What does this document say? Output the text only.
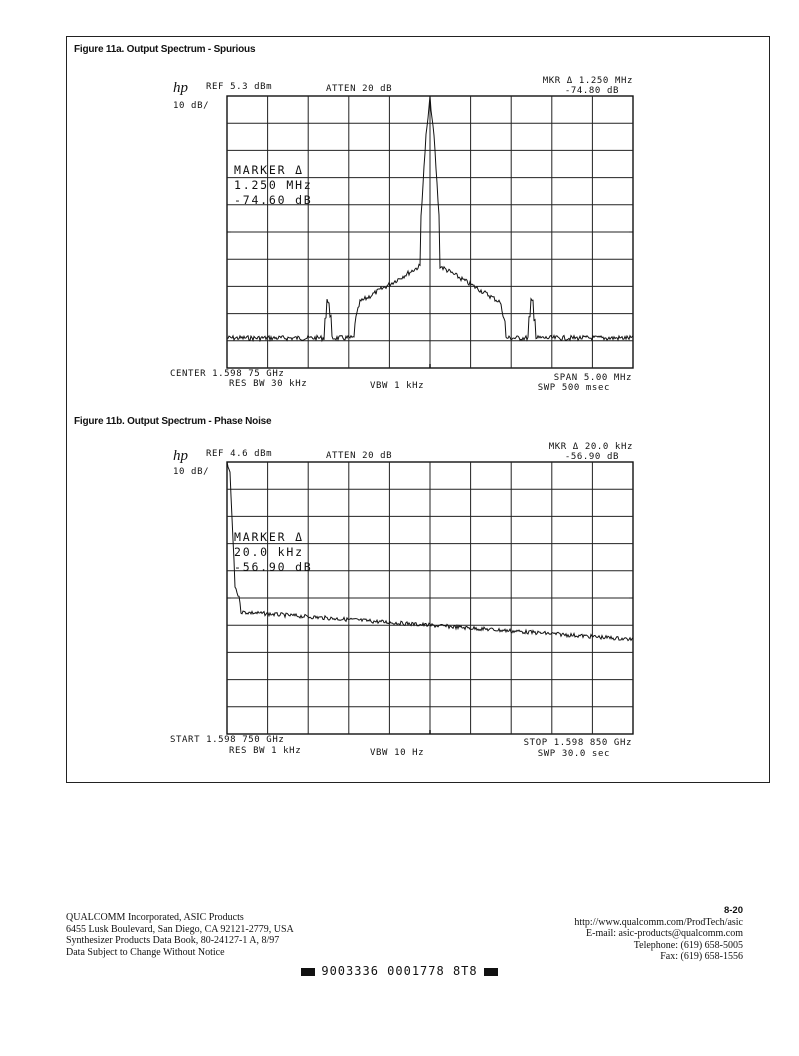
Figure 11a. Output Spectrum - Spurious
hp REF 5.3 dBm	ATTEN 20 dB
MKR Δ 1.250 MHz
-74.80 dB
10 dB/
MARKER Δ
1.250 MHz
-74.60 dB
CENTER 1.598 75 GHz
RES BW 30 kHz	VBW 1 kHz
SPAN 5.00 MHz
SWP 500 msec
Figure 11b. Output Spectrum - Phase Noise
hp REF 4.6 dBm	ATTEN 20 dB
MKR Δ 20.0 kHz
-56.90 dB
10 dB/
MARKER Δ
20.0 kHz
-56.90 dB
START 1.598 750 GHz
RES BW 1 kHz	VBW 10 Hz
STOP 1.598 850 GHz
SWP 30.0 sec
QUALCOMM Incorporated, ASIC Products
6455 Lusk Boulevard, San Diego, CA 92121-2779, USA
Synthesizer Products Data Book, 80-24127-1 A, 8/97
Data Subject to Change Without Notice
8-20
http://www.qualcomm.com/ProdTech/asic
E-mail: asic-products@qualcomm.com
Telephone: (619) 658-5005
Fax: (619) 658-1556
9003336 0001778 8T8
